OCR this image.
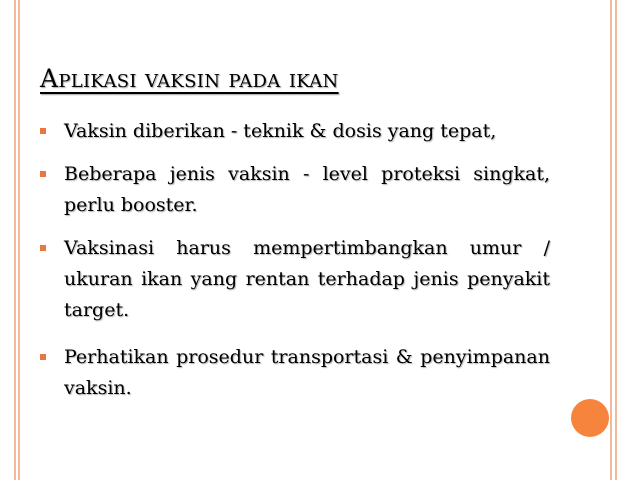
Aplikasi vaksin pada ikan
Vaksin diberikan - teknik & dosis yang tepat,
Beberapa jenis vaksin - level proteksi singkat, perlu booster.
Vaksinasi harus mempertimbangkan umur / ukuran ikan yang rentan terhadap jenis penyakit target.
Perhatikan prosedur transportasi & penyimpanan vaksin.
